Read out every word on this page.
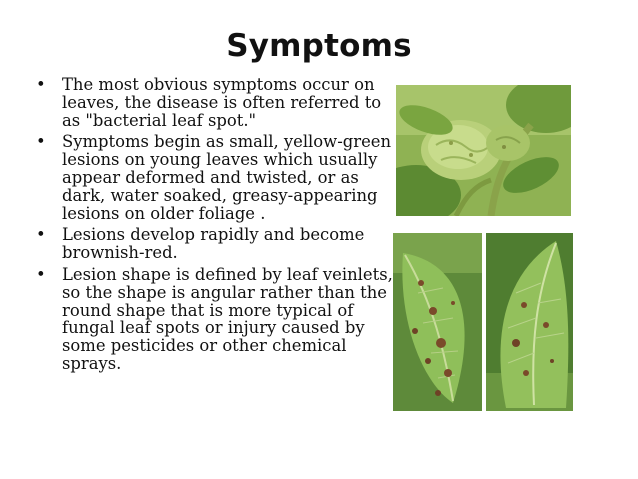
Symptoms
• The most obvious symptoms occur on leaves, the disease is often referred to as "bacterial leaf spot."
• Symptoms begin as small, yellow-green lesions on young leaves which usually appear deformed and twisted, or as dark, water soaked, greasy-appearing lesions on older foliage .
• Lesions develop rapidly and become brownish-red.
• Lesion shape is defined by leaf veinlets, so the shape is angular rather than the round shape that is more typical of fungal leaf spots or injury caused by some pesticides or other chemical sprays.
